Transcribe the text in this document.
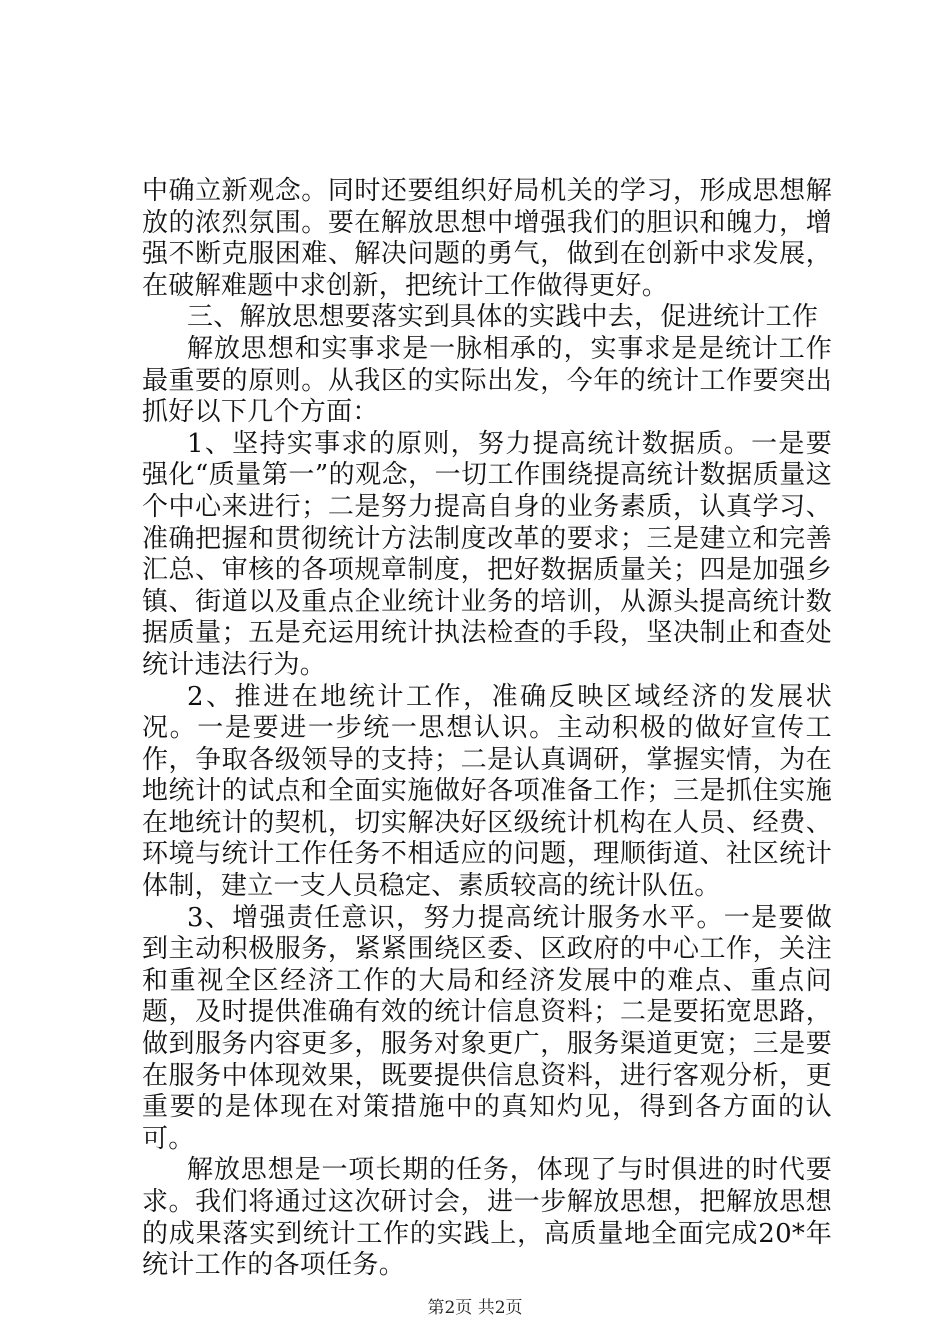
中确立新观念。同时还要组织好局机关的学习，形成思想解放的浓烈氛围。要在解放思想中增强我们的胆识和魄力，增强不断克服困难、解决问题的勇气，做到在创新中求发展，在破解难题中求创新，把统计工作做得更好。

三、解放思想要落实到具体的实践中去，促进统计工作

解放思想和实事求是一脉相承的，实事求是是统计工作最重要的原则。从我区的实际出发，今年的统计工作要突出抓好以下几个方面：

1、坚持实事求的原则，努力提高统计数据质。一是要强化“质量第一”的观念，一切工作围绕提高统计数据质量这个中心来进行；二是努力提高自身的业务素质，认真学习、准确把握和贯彻统计方法制度改革的要求；三是建立和完善汇总、审核的各项规章制度，把好数据质量关；四是加强乡镇、街道以及重点企业统计业务的培训，从源头提高统计数据质量；五是充运用统计执法检查的手段，坚决制止和查处统计违法行为。

2、推进在地统计工作，准确反映区域经济的发展状况。一是要进一步统一思想认识。主动积极的做好宣传工作，争取各级领导的支持；二是认真调研，掌握实情，为在地统计的试点和全面实施做好各项准备工作；三是抓住实施在地统计的契机，切实解决好区级统计机构在人员、经费、环境与统计工作任务不相适应的问题，理顺街道、社区统计体制，建立一支人员稳定、素质较高的统计队伍。

3、增强责任意识，努力提高统计服务水平。一是要做到主动积极服务，紧紧围绕区委、区政府的中心工作，关注和重视全区经济工作的大局和经济发展中的难点、重点问题，及时提供准确有效的统计信息资料；二是要拓宽思路，做到服务内容更多，服务对象更广，服务渠道更宽；三是要在服务中体现效果，既要提供信息资料，进行客观分析，更重要的是体现在对策措施中的真知灼见，得到各方面的认可。

解放思想是一项长期的任务，体现了与时俱进的时代要求。我们将通过这次研讨会，进一步解放思想，把解放思想的成果落实到统计工作的实践上，高质量地全面完成20*年统计工作的各项任务。

第2页 共2页
